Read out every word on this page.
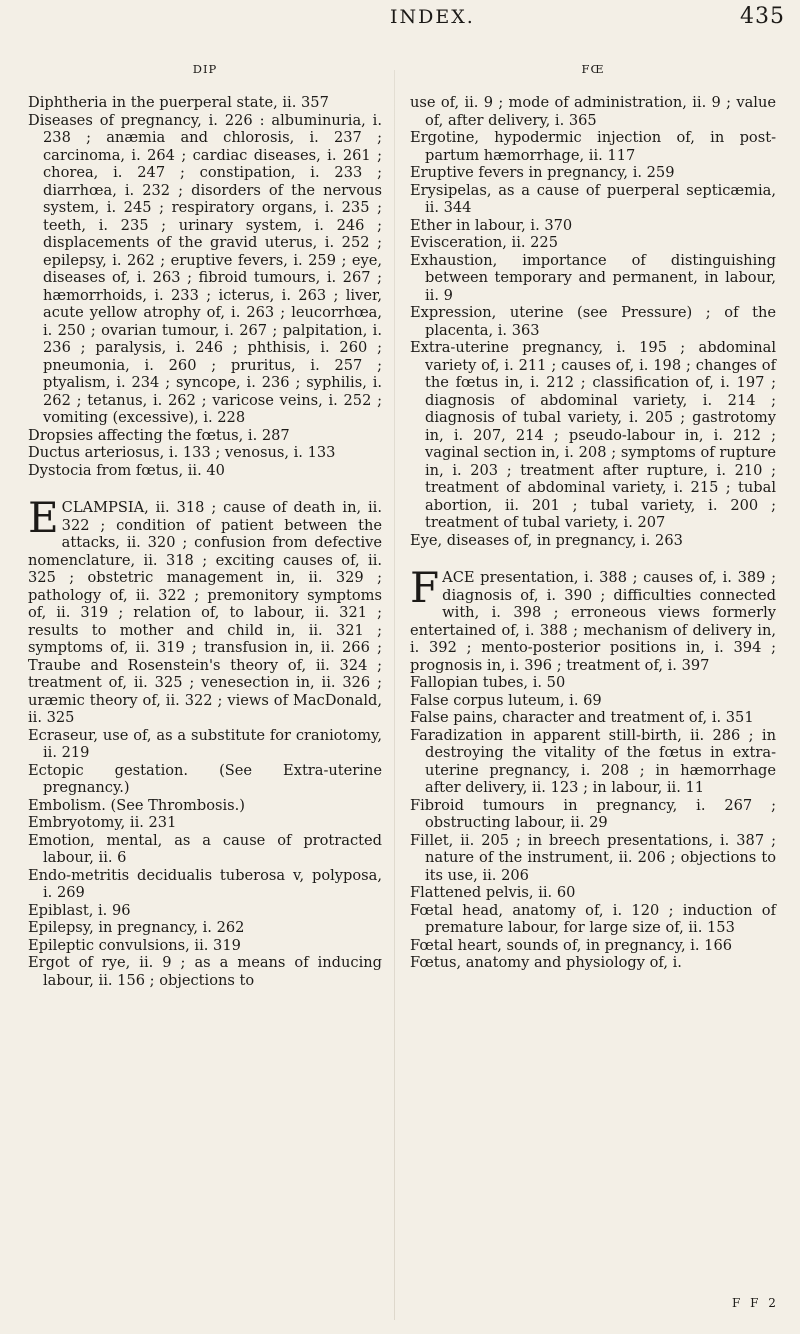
INDEX.	435
DIP

Diphtheria in the puerperal state, ii. 357

Diseases of pregnancy, i. 226 : albuminuria, i. 238 ; anæmia and chlorosis, i. 237 ; carcinoma, i. 264 ; cardiac diseases, i. 261 ; chorea, i. 247 ; constipation, i. 233 ; diarrhœa, i. 232 ; disorders of the nervous system, i. 245 ; respiratory organs, i. 235 ; teeth, i. 235 ; urinary system, i. 246 ; displacements of the gravid uterus, i. 252 ; epilepsy, i. 262 ; eruptive fevers, i. 259 ; eye, diseases of, i. 263 ; fibroid tumours, i. 267 ; hæmorrhoids, i. 233 ; icterus, i. 263 ; liver, acute yellow atrophy of, i. 263 ; leucorrhœa, i. 250 ; ovarian tumour, i. 267 ; palpitation, i. 236 ; paralysis, i. 246 ; phthisis, i. 260 ; pneumonia, i. 260 ; pruritus, i. 257 ; ptyalism, i. 234 ; syncope, i. 236 ; syphilis, i. 262 ; tetanus, i. 262 ; varicose veins, i. 252 ; vomiting (excessive), i. 228

Dropsies affecting the fœtus, i. 287

Ductus arteriosus, i. 133 ; venosus, i. 133

Dystocia from fœtus, ii. 40

ECLAMPSIA, ii. 318 ; cause of death in, ii. 322 ; condition of patient between the attacks, ii. 320 ; confusion from defective nomenclature, ii. 318 ; exciting causes of, ii. 325 ; obstetric management in, ii. 329 ; pathology of, ii. 322 ; premonitory symptoms of, ii. 319 ; relation of, to labour, ii. 321 ; results to mother and child in, ii. 321 ; symptoms of, ii. 319 ; transfusion in, ii. 266 ; Traube and Rosenstein's theory of, ii. 324 ; treatment of, ii. 325 ; venesection in, ii. 326 ; uræmic theory of, ii. 322 ; views of MacDonald, ii. 325

Ecraseur, use of, as a substitute for craniotomy, ii. 219

Ectopic gestation. (See Extra-uterine pregnancy.)

Embolism. (See Thrombosis.)

Embryotomy, ii. 231

Emotion, mental, as a cause of protracted labour, ii. 6

Endo-metritis decidualis tuberosa v, polyposa, i. 269

Epiblast, i. 96

Epilepsy, in pregnancy, i. 262

Epileptic convulsions, ii. 319

Ergot of rye, ii. 9 ; as a means of inducing labour, ii. 156 ; objections to

FŒ

use of, ii. 9 ; mode of administration, ii. 9 ; value of, after delivery, i. 365

Ergotine, hypodermic injection of, in post-partum hæmorrhage, ii. 117

Eruptive fevers in pregnancy, i. 259

Erysipelas, as a cause of puerperal septicæmia, ii. 344

Ether in labour, i. 370

Evisceration, ii. 225

Exhaustion, importance of distinguishing between temporary and permanent, in labour, ii. 9

Expression, uterine (see Pressure) ; of the placenta, i. 363

Extra-uterine pregnancy, i. 195 ; abdominal variety of, i. 211 ; causes of, i. 198 ; changes of the fœtus in, i. 212 ; classification of, i. 197 ; diagnosis of abdominal variety, i. 214 ; diagnosis of tubal variety, i. 205 ; gastrotomy in, i. 207, 214 ; pseudo-labour in, i. 212 ; vaginal section in, i. 208 ; symptoms of rupture in, i. 203 ; treatment after rupture, i. 210 ; treatment of abdominal variety, i. 215 ; tubal abortion, ii. 201 ; tubal variety, i. 200 ; treatment of tubal variety, i. 207

Eye, diseases of, in pregnancy, i. 263

FACE presentation, i. 388 ; causes of, i. 389 ; diagnosis of, i. 390 ; difficulties connected with, i. 398 ; erroneous views formerly entertained of, i. 388 ; mechanism of delivery in, i. 392 ; mento-posterior positions in, i. 394 ; prognosis in, i. 396 ; treatment of, i. 397

Fallopian tubes, i. 50

False corpus luteum, i. 69

False pains, character and treatment of, i. 351

Faradization in apparent still-birth, ii. 286 ; in destroying the vitality of the fœtus in extra-uterine pregnancy, i. 208 ; in hæmorrhage after delivery, ii. 123 ; in labour, ii. 11

Fibroid tumours in pregnancy, i. 267 ; obstructing labour, ii. 29

Fillet, ii. 205 ; in breech presentations, i. 387 ; nature of the instrument, ii. 206 ; objections to its use, ii. 206

Flattened pelvis, ii. 60

Fœtal head, anatomy of, i. 120 ; induction of premature labour, for large size of, ii. 153

Fœtal heart, sounds of, in pregnancy, i. 166

Fœtus, anatomy and physiology of, i.

F F 2
